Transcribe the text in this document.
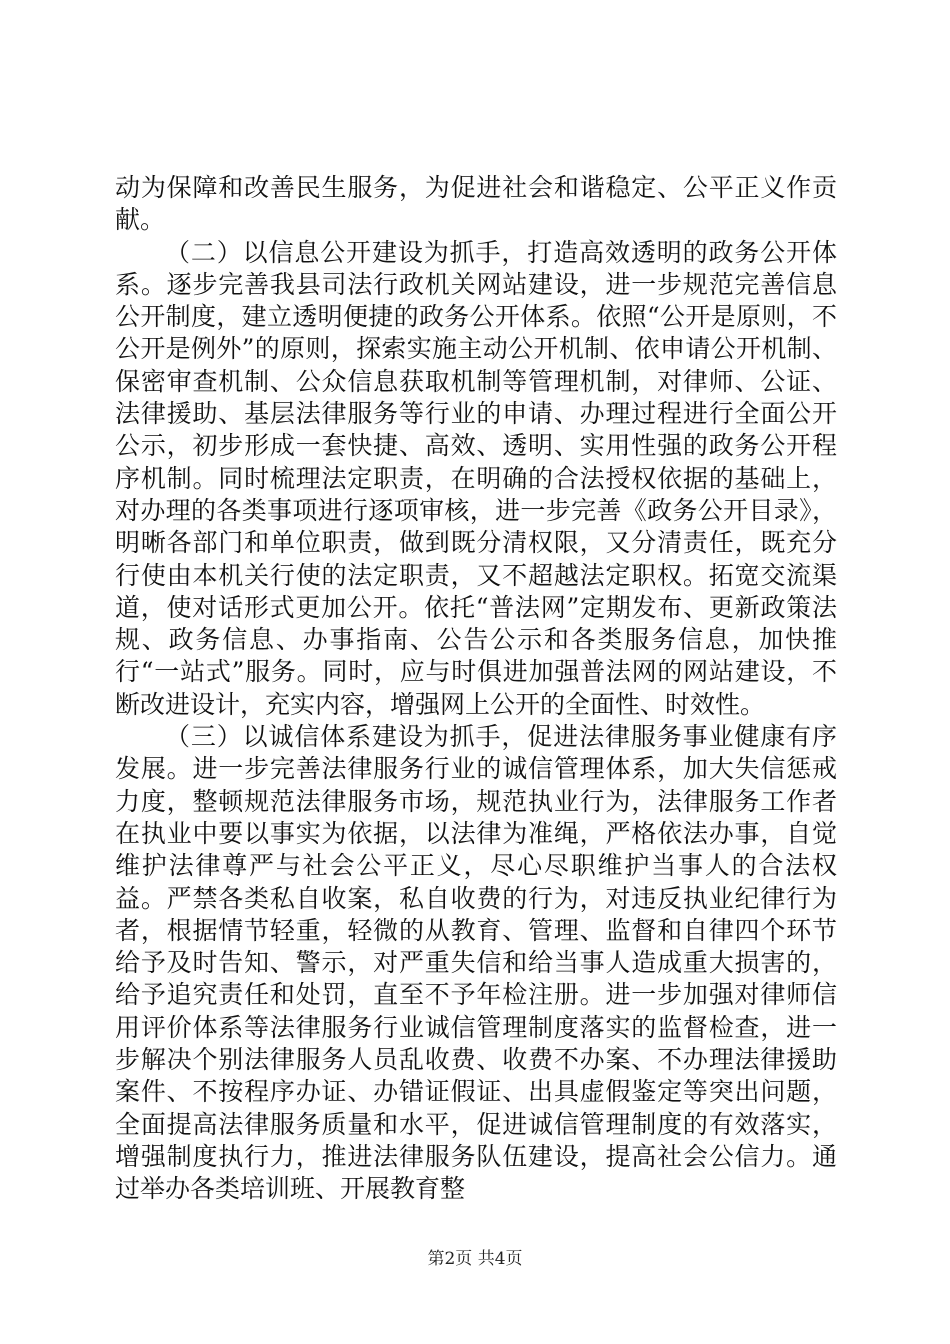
动为保障和改善民生服务，为促进社会和谐稳定、公平正义作贡献。

（二）以信息公开建设为抓手，打造高效透明的政务公开体系。逐步完善我县司法行政机关网站建设，进一步规范完善信息公开制度，建立透明便捷的政务公开体系。依照“公开是原则，不公开是例外”的原则，探索实施主动公开机制、依申请公开机制、保密审查机制、公众信息获取机制等管理机制，对律师、公证、法律援助、基层法律服务等行业的申请、办理过程进行全面公开公示，初步形成一套快捷、高效、透明、实用性强的政务公开程序机制。同时梳理法定职责，在明确的合法授权依据的基础上，对办理的各类事项进行逐项审核，进一步完善《政务公开目录》，明晰各部门和单位职责，做到既分清权限，又分清责任，既充分行使由本机关行使的法定职责，又不超越法定职权。拓宽交流渠道，使对话形式更加公开。依托“普法网”定期发布、更新政策法规、政务信息、办事指南、公告公示和各类服务信息，加快推行“一站式”服务。同时，应与时俱进加强普法网的网站建设，不断改进设计，充实内容，增强网上公开的全面性、时效性。

（三）以诚信体系建设为抓手，促进法律服务事业健康有序发展。进一步完善法律服务行业的诚信管理体系，加大失信惩戒力度，整顿规范法律服务市场，规范执业行为，法律服务工作者在执业中要以事实为依据，以法律为准绳，严格依法办事，自觉维护法律尊严与社会公平正义，尽心尽职维护当事人的合法权益。严禁各类私自收案，私自收费的行为，对违反执业纪律行为者，根据情节轻重，轻微的从教育、管理、监督和自律四个环节给予及时告知、警示，对严重失信和给当事人造成重大损害的，给予追究责任和处罚，直至不予年检注册。进一步加强对律师信用评价体系等法律服务行业诚信管理制度落实的监督检查，进一步解决个别法律服务人员乱收费、收费不办案、不办理法律援助案件、不按程序办证、办错证假证、出具虚假鉴定等突出问题，全面提高法律服务质量和水平，促进诚信管理制度的有效落实，增强制度执行力，推进法律服务队伍建设，提高社会公信力。通过举办各类培训班、开展教育整

第2页 共4页
